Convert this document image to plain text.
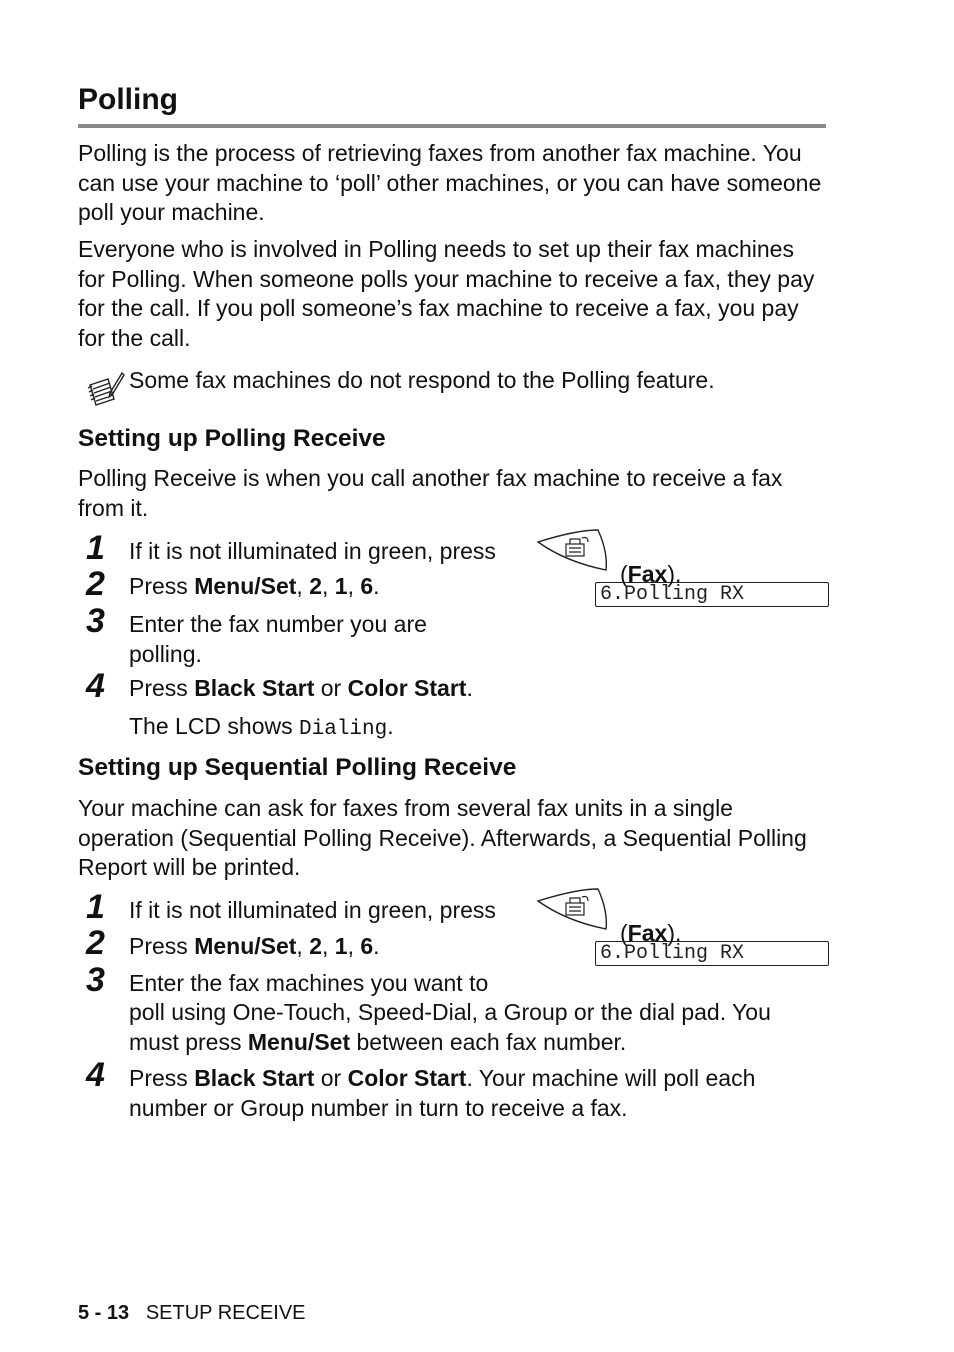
Polling

Polling is the process of retrieving faxes from another fax machine. You can use your machine to ‘poll’ other machines, or you can have someone poll your machine.

Everyone who is involved in Polling needs to set up their fax machines for Polling. When someone polls your machine to receive a fax, they pay for the call. If you poll someone’s fax machine to receive a fax, you pay for the call.

Some fax machines do not respond to the Polling feature.

Setting up Polling Receive

Polling Receive is when you call another fax machine to receive a fax from it.

1 If it is not illuminated in green, press

(Fax).

2 Press Menu/Set, 2, 1, 6.	6.Polling RX
3 Enter the fax number you are polling.

4 Press Black Start or Color Start.

The LCD shows Dialing.

Setting up Sequential Polling Receive

Your machine can ask for faxes from several fax units in a single operation (Sequential Polling Receive). Afterwards, a Sequential Polling Report will be printed.

1 If it is not illuminated in green, press

(Fax).

2 Press Menu/Set, 2, 1, 6.	6.Polling RX
3 Enter the fax machines you want to

poll using One-Touch, Speed-Dial, a Group or the dial pad. You must press Menu/Set between each fax number.

4 Press Black Start or Color Start. Your machine will poll each number or Group number in turn to receive a fax.

5 - 13 SETUP RECEIVE
